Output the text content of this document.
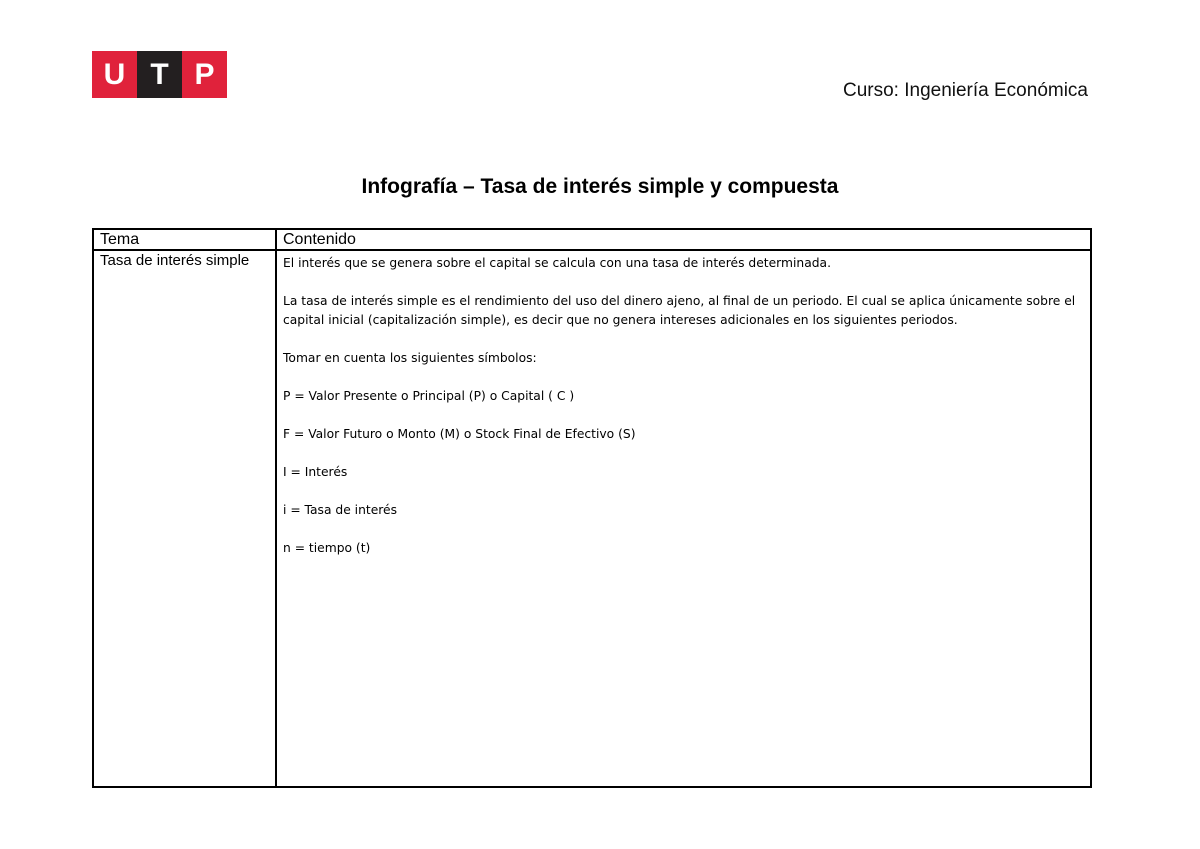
U T P	Curso: Ingeniería Económica
Infografía – Tasa de interés simple y compuesta
Tema	Contenido
Tasa de interés simple	El interés que se genera sobre el capital se calcula con una tasa de interés determinada.

La tasa de interés simple es el rendimiento del uso del dinero ajeno, al final de un periodo. El cual se aplica únicamente sobre el capital inicial (capitalización simple), es decir que no genera intereses adicionales en los siguientes periodos.

Tomar en cuenta los siguientes símbolos:

P = Valor Presente o Principal (P) o Capital ( C )

F = Valor Futuro o Monto (M) o Stock Final de Efectivo (S)

I = Interés

i = Tasa de interés

n = tiempo (t)
